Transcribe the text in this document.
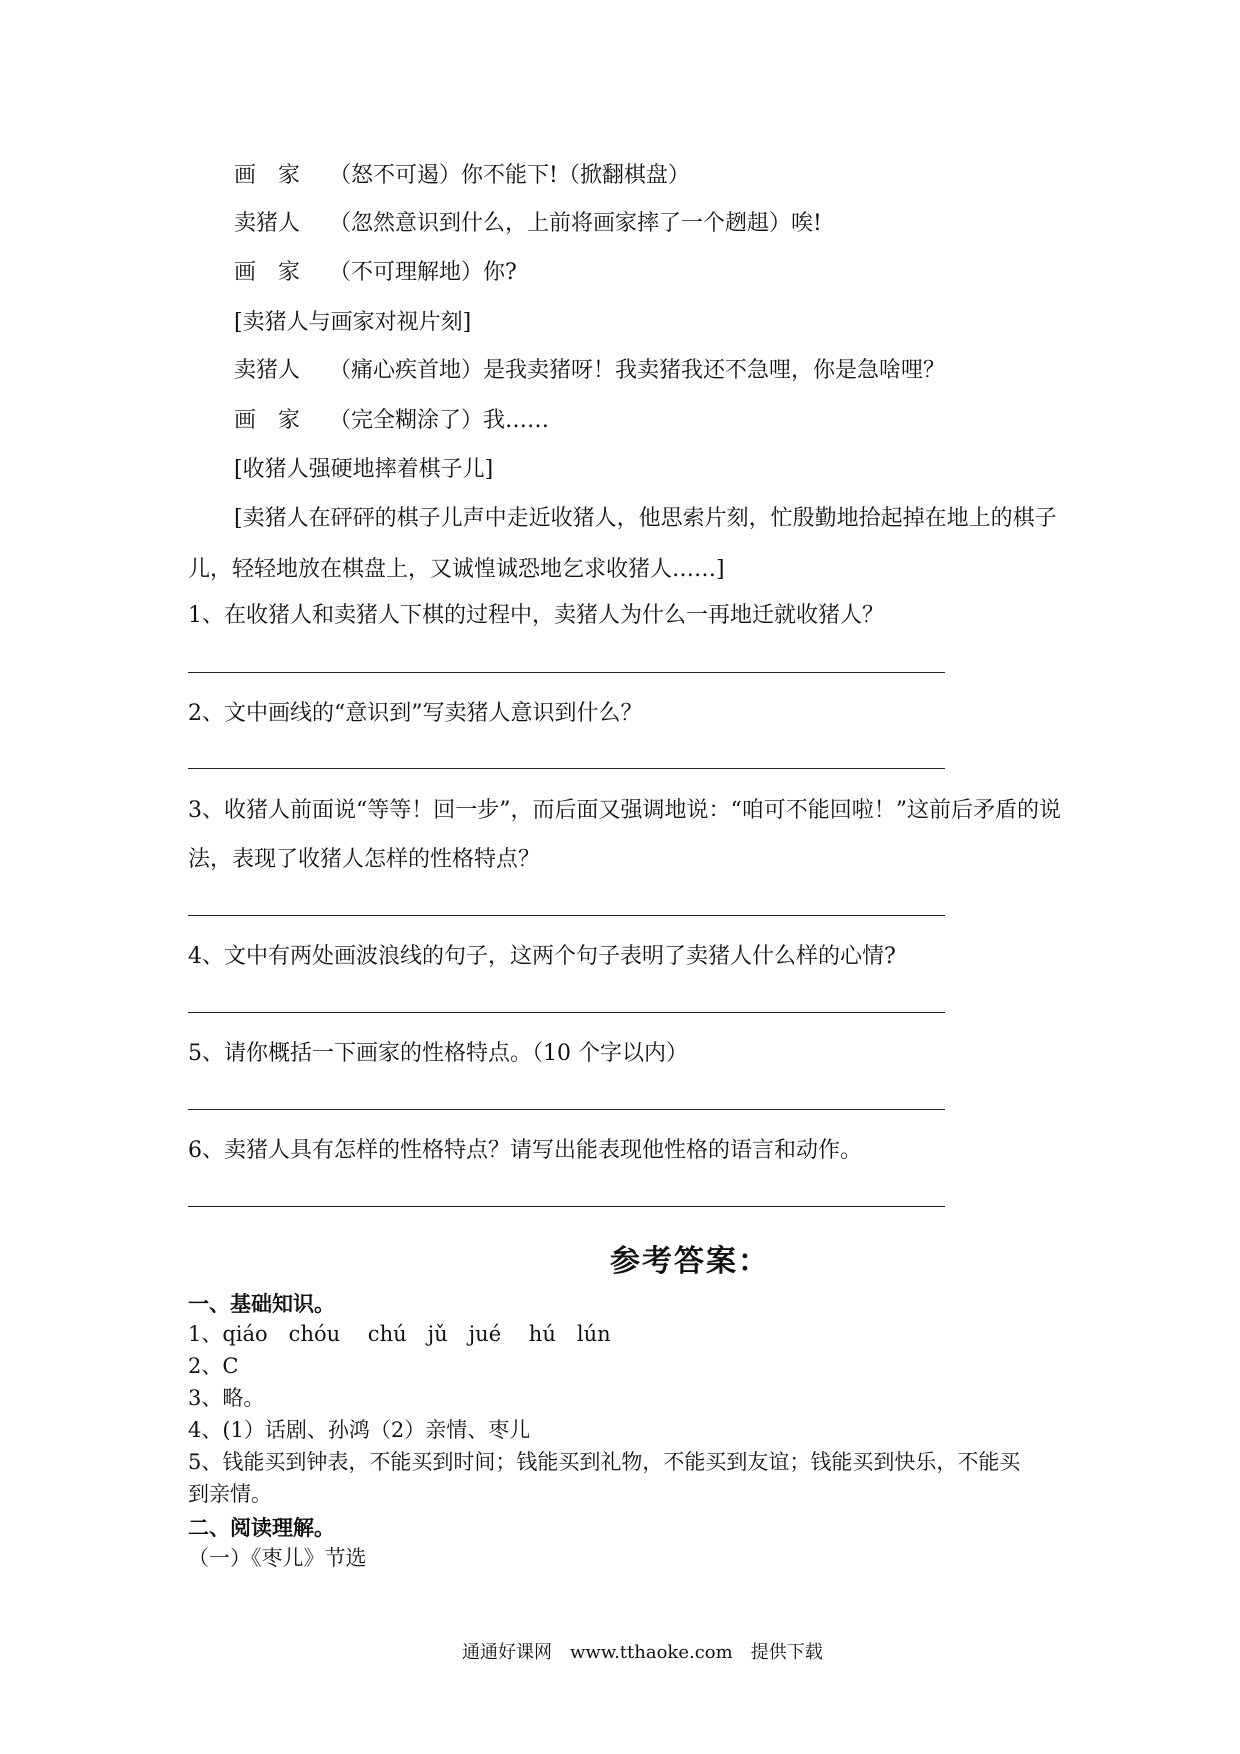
画　家 （怒不可遏）你不能下!（掀翻棋盘）
卖猪人 （忽然意识到什么，上前将画家摔了一个趔趄）唉!
画　家 （不可理解地）你?
[卖猪人与画家对视片刻]
卖猪人 （痛心疾首地）是我卖猪呀！我卖猪我还不急哩，你是急啥哩？
画　家 （完全糊涂了）我……
[收猪人强硬地摔着棋子儿]
[卖猪人在砰砰的棋子儿声中走近收猪人，他思索片刻，忙殷勤地拾起掉在地上的棋子
儿，轻轻地放在棋盘上，又诚惶诚恐地乞求收猪人……]
1、在收猪人和卖猪人下棋的过程中，卖猪人为什么一再地迁就收猪人？
2、文中画线的“意识到”写卖猪人意识到什么？
3、收猪人前面说“等等！回一步”，而后面又强调地说：“咱可不能回啦！”这前后矛盾的说
法，表现了收猪人怎样的性格特点？
4、文中有两处画波浪线的句子，这两个句子表明了卖猪人什么样的心情?
5、请你概括一下画家的性格特点。（10 个字以内）
6、卖猪人具有怎样的性格特点？请写出能表现他性格的语言和动作。
参考答案：
一、基础知识。
1、qiáo　chóu　 chú　jǔ　jué　 hú　lún
2、C
3、略。
4、(1）话剧、孙鸿（2）亲情、枣儿
5、钱能买到钟表，不能买到时间；钱能买到礼物，不能买到友谊；钱能买到快乐，不能买
到亲情。
二、阅读理解。
（一）《枣儿》节选
通通好课网　www.tthaoke.com　提供下载
